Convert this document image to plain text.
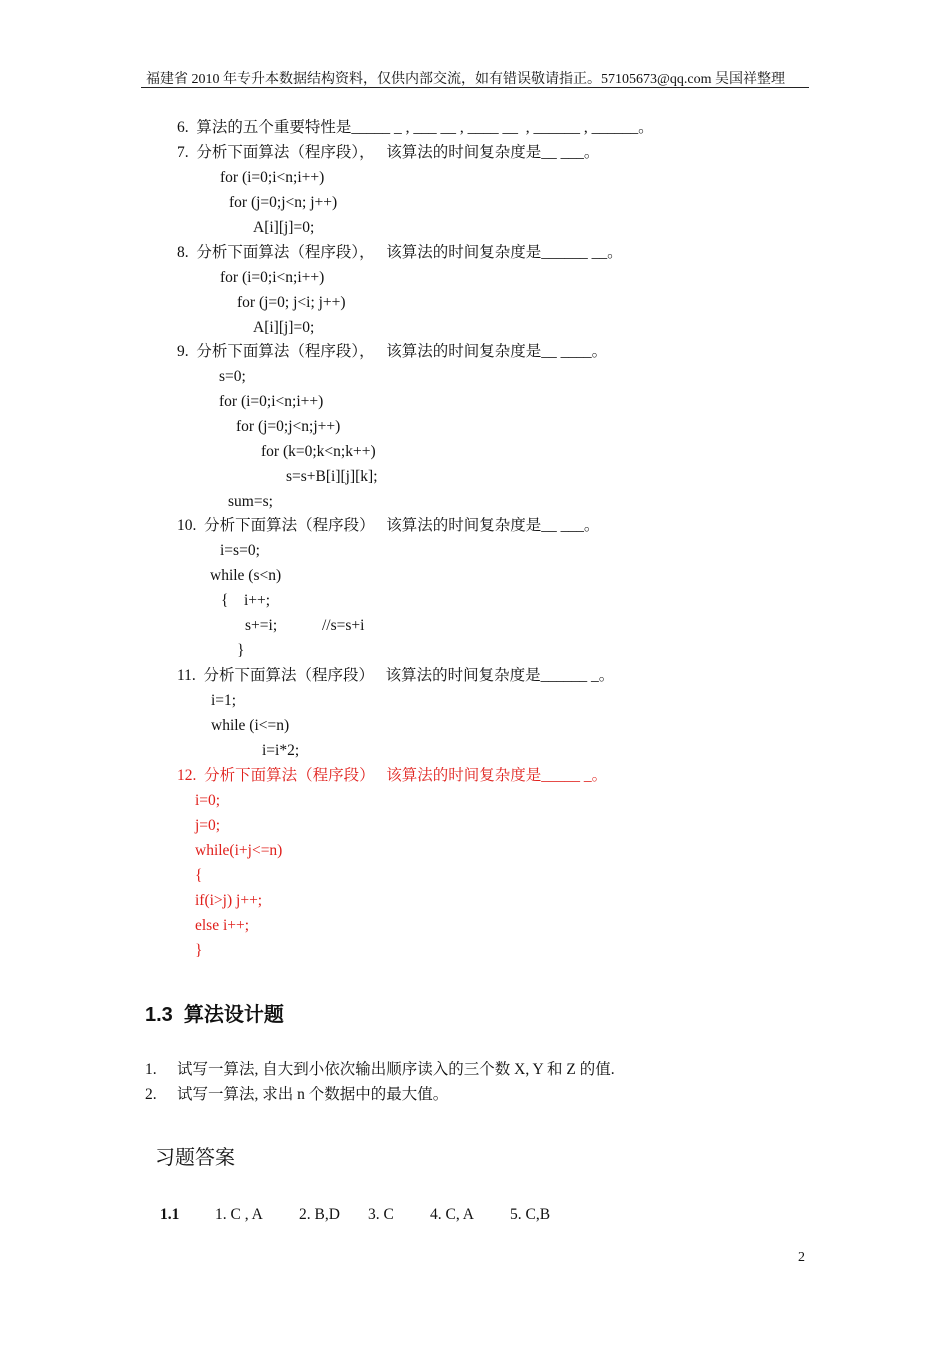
福建省 2010 年专升本数据结构资料，仅供内部交流，如有错误敬请指正。57105673@qq.com 吴国祥整理
6.  算法的五个重要特性是_____ _ , ___ __ , ____ __  , ______ , ______。
7.  分析下面算法（程序段），   该算法的时间复杂度是__ ___。
for (i=0;i<n;i++)
for (j=0;j<n; j++)
A[i][j]=0;
8.  分析下面算法（程序段），   该算法的时间复杂度是______ __。
for (i=0;i<n;i++)
for (j=0; j<i; j++)
A[i][j]=0;
9.  分析下面算法（程序段），   该算法的时间复杂度是__ ____。
s=0;
for (i=0;i<n;i++)
for (j=0;j<n;j++)
for (k=0;k<n;k++)
s=s+B[i][j][k];
sum=s;
10.  分析下面算法（程序段）   该算法的时间复杂度是__ ___。
i=s=0;
while (s<n)
{    i++;
s+=i;	//s=s+i
}
11.  分析下面算法（程序段）   该算法的时间复杂度是______ _。
i=1;
while (i<=n)
i=i*2;
12.  分析下面算法（程序段）   该算法的时间复杂度是_____ _。
i=0;
j=0;
while(i+j<=n)
{
if(i>j) j++;
else i++;
}
1.3  算法设计题
1. 试写一算法, 自大到小依次输出顺序读入的三个数 X, Y 和 Z 的值.
2. 试写一算法, 求出 n 个数据中的最大值。
习题答案
1.1 1. C , A 2. B,D 3. C 4. C, A 5. C,B
2
